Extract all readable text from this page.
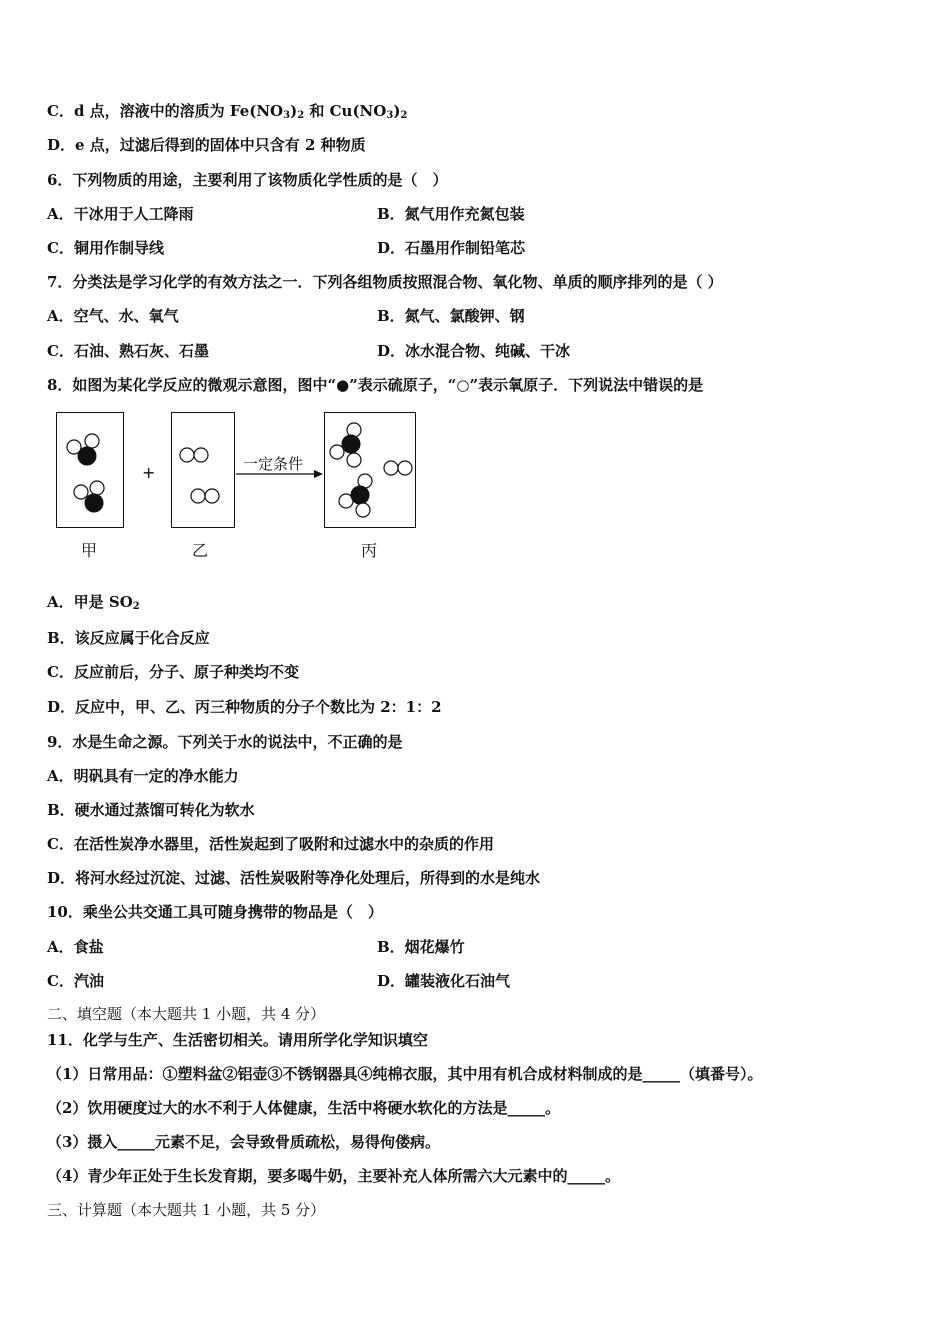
C．d 点，溶液中的溶质为 $Fe(NO_3)_2$ 和 $Cu(NO_3)_2$
D．e 点，过滤后得到的固体中只含有 2 种物质
6．下列物质的用途，主要利用了该物质化学性质的是（　）
A．干冰用于人工降雨	B．氮气用作充氮包装
C．铜用作制导线	D．石墨用作制铅笔芯
7．分类法是学习化学的有效方法之一．下列各组物质按照混合物、氧化物、单质的顺序排列的是（ ）
A．空气、水、氧气	B．氮气、氯酸钾、钢
C．石油、熟石灰、石墨	D．冰水混合物、纯碱、干冰
8．如图为某化学反应的微观示意图，图中“●”表示硫原子，“○”表示氧原子．下列说法中错误的是
+	一定条件
甲	乙	丙
A．甲是 $SO_2$
B．该反应属于化合反应
C．反应前后，分子、原子种类均不变
D．反应中，甲、乙、丙三种物质的分子个数比为 2：1：2
9．水是生命之源。下列关于水的说法中，不正确的是
A．明矾具有一定的净水能力
B．硬水通过蒸馏可转化为软水
C．在活性炭净水器里，活性炭起到了吸附和过滤水中的杂质的作用
D．将河水经过沉淀、过滤、活性炭吸附等净化处理后，所得到的水是纯水
10．乘坐公共交通工具可随身携带的物品是（　）
A．食盐	B．烟花爆竹
C．汽油	D．罐装液化石油气
二、填空题（本大题共 1 小题，共 4 分）
11．化学与生产、生活密切相关。请用所学化学知识填空
（1）日常用品：①塑料盆②铝壶③不锈钢器具④纯棉衣服，其中用有机合成材料制成的是_____（填番号）。
（2）饮用硬度过大的水不利于人体健康，生活中将硬水软化的方法是_____。
（3）摄入_____元素不足，会导致骨质疏松，易得佝偻病。
（4）青少年正处于生长发育期，要多喝牛奶，主要补充人体所需六大元素中的_____。
三、计算题（本大题共 1 小题，共 5 分）
